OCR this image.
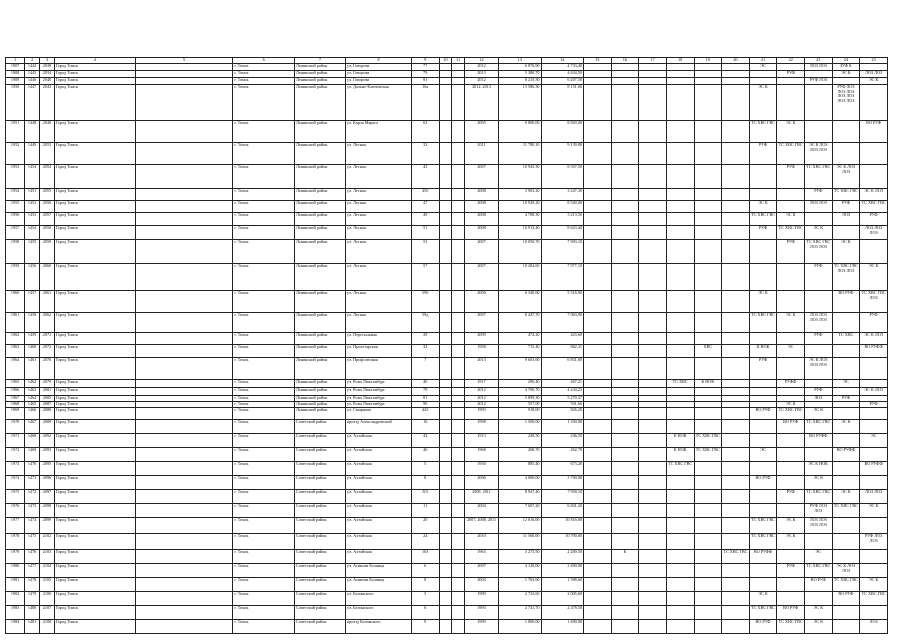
1	2	3	4	5	6	7	8	9	10	11	12	13	14	15	16	17	18	19	20	21	22	23	24	25
1907	1444	2038	Город Томск		г. Томск	Ленинский район	ул. Говорова	77			2012	6 876,90	4 733,40							ЭС		ЛОЗ ЛОЗ	ЗУФ К	
1908	1445	2034	Город Томск		г. Томск	Ленинский район	ул. Говорова	79			2013	5 380,70	4 634,50								РУФ		ЭС К	ЛОЗ ЛОЗ
1909	1446	2040	Город Томск		г. Томск	Ленинский район	ул. Говорова	81			2012	8 215,30	6 207,50									РУФ ЛОЗ		ЭС К
1950	1447	2043	Город Томск		г. Томск	Ленинский район	ул. Дальне-Ключевская	16а			2012, 2013	13 586,30	8 151,00							ЭС К			РУФ ЛОЗ ЛОЗ ЛОЗ ЛОЗ ЛОЗ ЛОЗ ЛОЗ	
1951	1448	2046	Город Томск		г. Томск	Ленинский район	ул. Карла Маркса	63			2005	9 800,00	8 820,00							ТС ХВС ГВС	ЭС К			ВО РУФ
1952	1449	2053	Город Томск		г. Томск	Ленинский район	ул. Лесная	32			2011	11 780,10	9 139,80							РУФ	ТС ХВС ГВС	ЭС К ЛОЗ ЛОЗ ЛОЗ		
1953	1454	2054	Город Томск		г. Томск	Ленинский район	ул. Лесная	43			2007	10 943,30	8 357,50								РУФ	ТС ХВС ГВС	ЭС К ЛОЗ ЛОЗ	
1954	1451	2055	Город Томск		г. Томск	Ленинский район	ул. Лесная	45б			2008	3 903,20	3 247,30									РУФ	ТС ХВС ГВС	ЭС К ЛОЗ
1955	1452	2056	Город Томск		г. Томск	Ленинский район	ул. Лесная	47			2008	10 920,20	8 540,00							ЭС К		ЛОЗ ЛОЗ	РУФ	ТС ХВС ГВС
1956	1453	2057	Город Томск		г. Томск	Ленинский район	ул. Лесная	49			2008	4 708,30	3 213,50							ТС ХВС ГВС	ЭС К		ЛОЗ	РУФ
1957	1454	2058	Город Томск		г. Томск	Ленинский район	ул. Лесная	51			2008	10 913,40	8 623,40							РУФ	ТС ХВС ГВС	ЭС К		ЛОЗ ЛОЗ ЛОЗ
1958	1455	2059	Город Томск		г. Томск	Ленинский район	ул. Лесная	53			2007	10 050,70	7 903,10								РУФ	ТС ХВС ГВС ЛОЗ ЛОЗ	ЭС К	
1959	1456	2060	Город Томск		г. Томск	Ленинский район	ул. Лесная	57			2007	10 204,60	7 977,10									РУФ	ТС ХВС ГВС ЛОЗ ЛОЗ	ЭС К
1960	1457	2061	Город Томск		г. Томск	Ленинский район	ул. Лесная	59б			2006	6 340,60	5 316,90							ЭС К			ВО РУФ	ТС ХВС ГВС ЛОЗ
1961	1458	2062	Город Томск		г. Томск	Ленинский район	ул. Лесная	59д			2007	8 447,70	7 063,90							ТС ХВС ГВС	ЭС К	ЛОЗ ЛОЗ ЛОЗ ЛОЗ		РУФ
1962	1459	2071	Город Томск		г. Томск	Ленинский район	ул. Пересыльная	29			2009	474,20	423,60									РУФ	ТС ХВС	ЭС К ЛОЗ
1963	1460	2073	Город Томск		г. Томск	Ленинский район	ул. Пролетарская	32			1958	715,40	662,31					ХВС		К НОК	ЭС			ВО РУФФ
1964	1461	2076	Город Томск		г. Томск	Ленинский район	ул. Профсоюзная	7			2013	9 603,60	6 831,00							РУФ		ЭС К ЛОЗ ЛОЗ ЛОЗ		
1965	1462	2079	Город Томск		г. Томск	Ленинский район	ул. Розы Люксембург	40			1917	296,40	267,21				ТС ХВС	К НОК			РУФФ		ЭС	
1966	1463	2081	Город Томск		г. Томск	Ленинский район	ул. Розы Люксембург	79			2012	4 700,70	4 234,23									РУФ		ЭС К ЛОЗ
1967	1464	2085	Город Томск		г. Томск	Ленинский район	ул. Розы Люксембург	81			2012	5 899,30	5 270,37									ЛОЗ	РУФ	
1968	1465	2087	Город Томск		г. Томск	Ленинский район	ул. Розы Люксембург	90			2012	557,00	501,66								ЭС К			РУФ
1969	1466	2088	Город Томск		г. Томск	Ленинский район	ул. Смирнова	42б			1993	918,00	826,20							ВО РУФ	ТС ХВС ГВС	ЭС К		
1970	1467	2089	Город Томск		г. Томск	Советский район	проезд Александровский	16			1998	1 500,00	1 350,00								ВО РУФ	ТС ХВС ГВС	ЭС К	
1971	1468	2092	Город Томск		г. Томск	Советский район	ул. Алтайская	44			1913	249,50	246,50				К НОК	ТС ХВС ГВС				ВО РУФФ		ЭС
1972	1469	2093	Город Томск		г. Томск	Советский район	ул. Алтайская	46			1968	268,70	262,70				К НОК	ТС ХВС ГВС		ЭС			ВО РУФФ	
1973	1470	2095	Город Томск		г. Томск	Советский район	ул. Алтайская	5			1930	885,40	673,20				ТС ХВС ГВС					ЭС К НОК		ВО РУФФ
1974	1471	2096	Город Томск		г. Томск	Советский район	ул. Алтайская	8			2006	4 000,00	3 700,00							ВО РУФ		ЭС К		
1975	1472	2097	Город Томск		г. Томск	Советский район	ул. Алтайская	8/3			2009, 2011	8 947,40	7 958,10								РУФ	ТС ХВС ГВС	ЭС К	ЛОЗ ЛОЗ
1976	1473	2098	Город Томск		г. Томск	Советский район	ул. Алтайская	11			2004	7 607,20	6 841,20									РУФ ЛОЗ ЛОЗ	ТС ХВС ГВС	ЭС К
1977	1474	2099	Город Томск		г. Томск	Советский район	ул. Алтайская	20			2007, 2008, 2011	12 016,00	10 816,00							ТС ХВС ГВС	ЭС К	ЛОЗ ЛОЗ ЛОЗ ЛОЗ		
1978	1475	2102	Город Томск		г. Томск	Советский район	ул. Алтайская	24			2010	11 560,00	10 790,00							ТС ХВС ГВС	ЭС К			РУФ ЛОЗ ЛОЗ
1979	1476	2103	Город Томск		г. Томск	Советский район	ул. Алтайская	163			1963	3 273,50	2 200,50		К				ТС ХВС ГВС	ВО РУФФ		ЭС		
1980	1477	2104	Город Томск		г. Томск	Советский район	ул. Асинова Белинца	6			2007	4 120,00	3 490,00								РУФ	ТС ХВС ГВС	ЭС К ЛОЗ ЛОЗ	
1981	1478	2105	Город Томск		г. Томск	Советский район	ул. Асинова Белинца	8			2004	1 763,60	1 588,60									ВО РУФ	ТС ХВС ГВС	ЭС К
1982	1479	2106	Город Томск		г. Томск	Советский район	ул. Белинского	5			1999	2 723,60	2 005,60							ЭС К			ВО РУФ	ТС ХВС ГВС
1983	1480	2107	Город Томск		г. Томск	Советский район	ул. Белинского	6			1993	2 741,70	2 478,50							ТС ХВС ГВС	ВО РУФ	ЭС К		
1984	1481	2108	Город Томск		г. Томск	Советский район	проезд Белинского	9			1999	1 800,00	1 690,00							ВО РУФ	ТС ХВС ГВС	ЭС К		ЛОЗ
